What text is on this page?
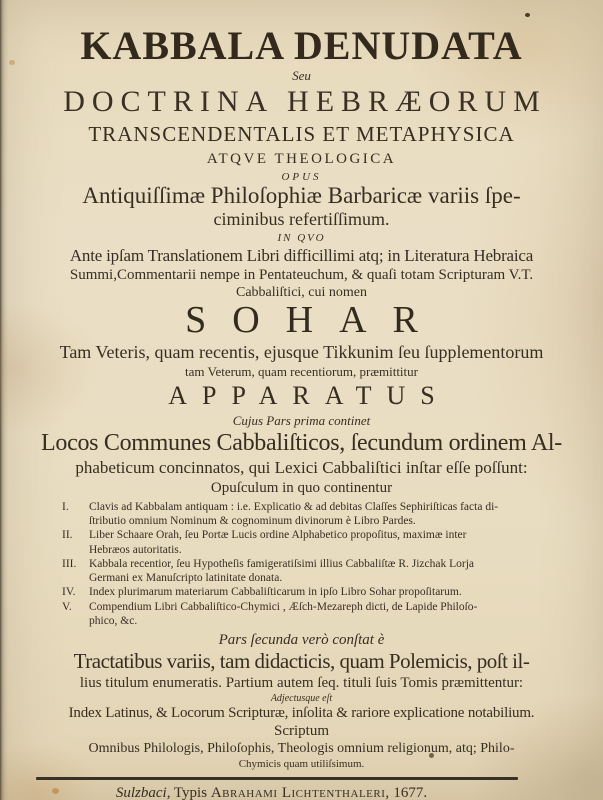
KABBALA DENUDATA
Seu
DOCTRINA HEBRÆORUM
TRANSCENDENTALIS ET METAPHYSICA
ATQVE THEOLOGICA
OPUS
Antiquiſſimæ Philoſophiæ Barbaricæ variis ſpe-
ciminibus refertiſſimum.
IN QVO
Ante ipſam Translationem Libri difficillimi atq; in Literatura Hebraica
Summi,Commentarii nempe in Pentateuchum, & quaſi totam Scripturam V.T.
Cabbaliſtici, cui nomen
SOHAR
Tam Veteris, quam recentis, ejusque Tikkunim ſeu ſupplementorum
tam Veterum, quam recentiorum, præmittitur
APPARATUS
Cujus Pars prima continet
Locos Communes Cabbaliſticos, ſecundum ordinem Al-
phabeticum concinnatos, qui Lexici Cabbaliſtici inſtar eſſe poſſunt:
Opuſculum in quo continentur
I.	Clavis ad Kabbalam antiquam : i.e. Explicatio & ad debitas Claſſes Sephiriſticas facta di-
ſtributio omnium Nominum & cognominum divinorum è Libro Pardes.
II.	Liber Schaare Orah, ſeu Portæ Lucis ordine Alphabetico propoſitus, maximæ inter
Hebræos autoritatis.
III.	Kabbala recentior, ſeu Hypotheſis famigeratiſsimi illius Cabbaliſtæ R. Jizchak Lorja
Germani ex Manuſcripto latinitate donata.
IV.	Index plurimarum materiarum Cabbaliſticarum in ipſo Libro Sohar propoſitarum.
V.	Compendium Libri Cabbaliſtico-Chymici , Æſch-Mezareph dicti, de Lapide Philoſo-
phico, &c.
Pars ſecunda verò conſtat è
Tractatibus variis, tam didacticis, quam Polemicis, poſt il-
lius titulum enumeratis. Partium autem ſeq. tituli ſuis Tomis præmittentur:
Adjectusque eſt
Index Latinus, & Locorum Scripturæ, inſolita & rariore explicatione notabilium.
Scriptum
Omnibus Philologis, Philoſophis, Theologis omnium religionum, atq; Philo-
Chymicis quam utiliſsimum.
Sulzbaci, Typis Abrahami Lichtenthaleri, 1677.
